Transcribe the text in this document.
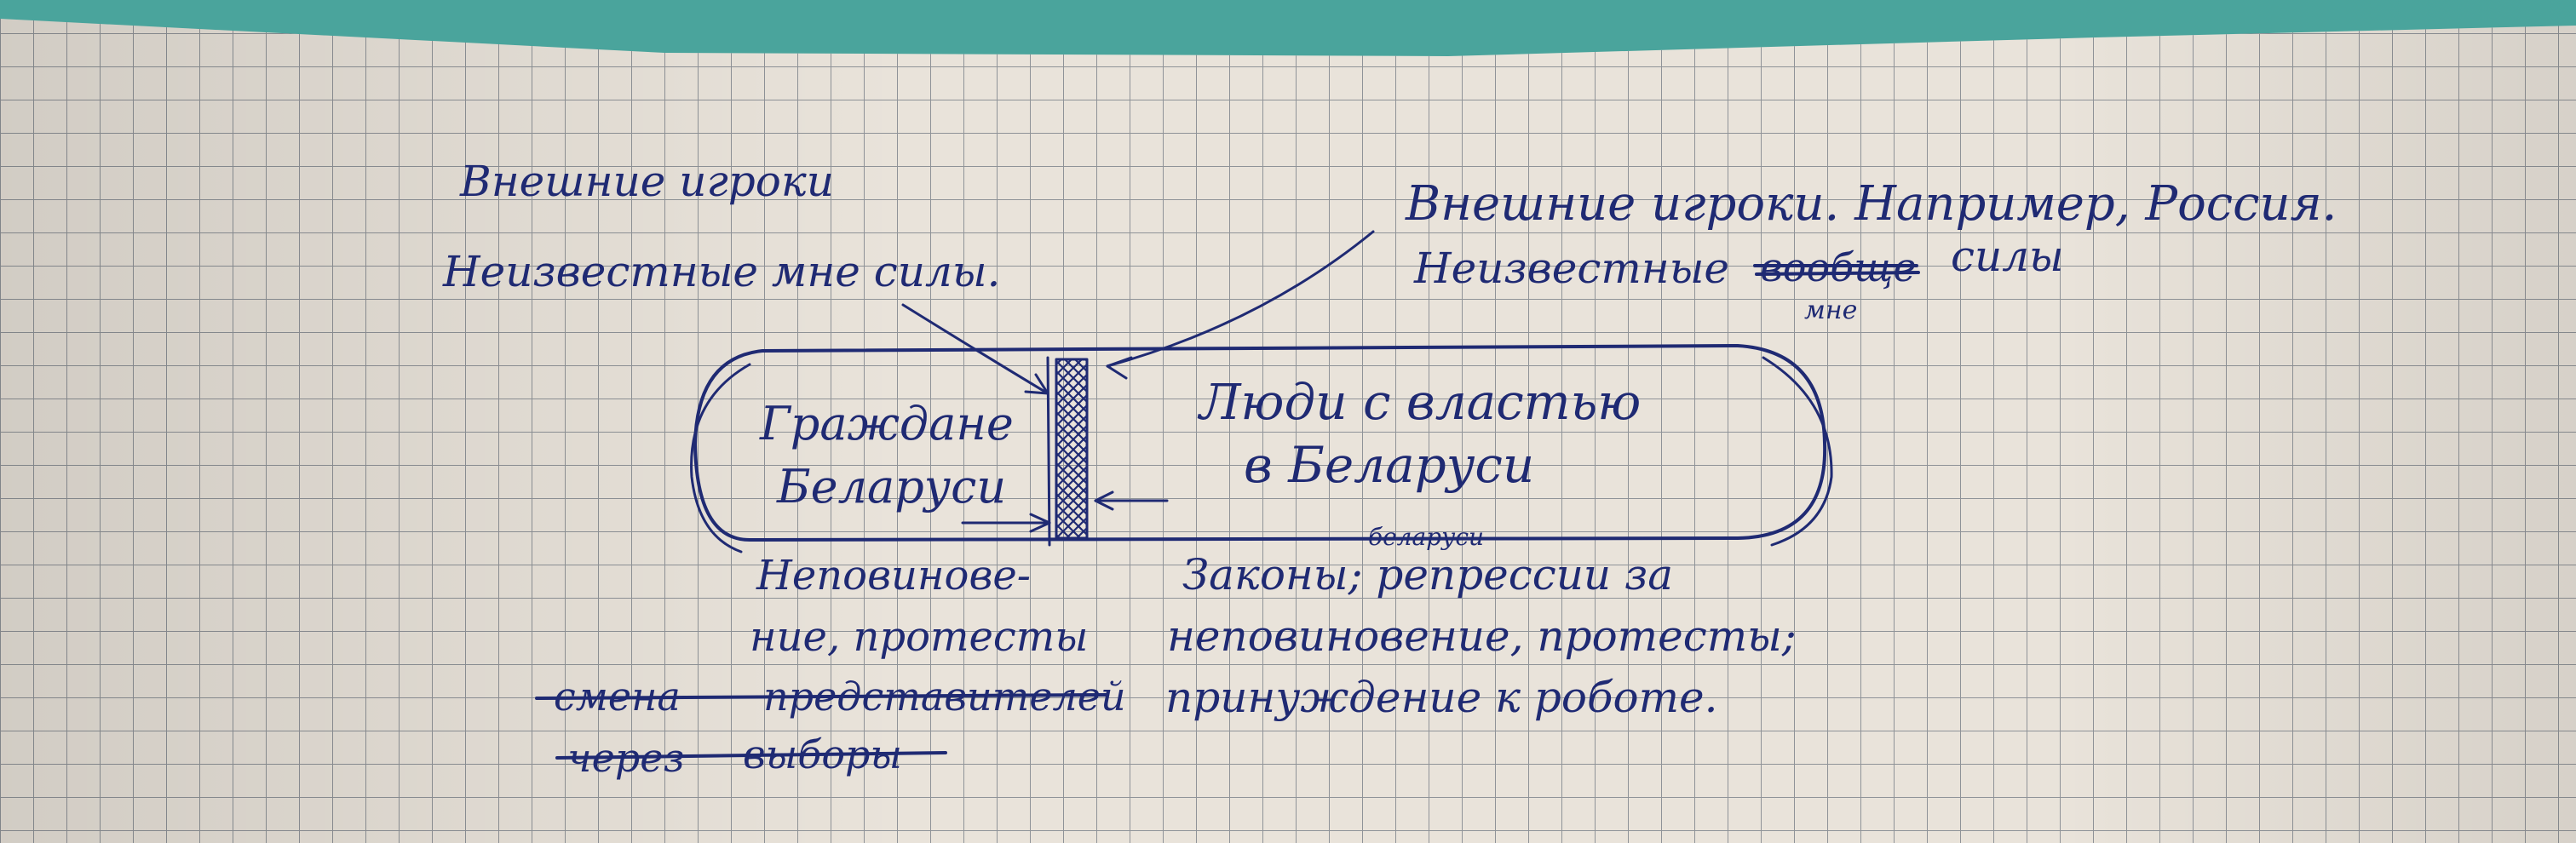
Внешние игроки
Неизвестные мне силы.
Внешние игроки. Например, Россия.
Неизвестные вообще
мне
силы
Граждане
Беларуси
Люди с властью
в Беларуси
Неповинове-
ние, протесты
смена представителей
через выборы
беларуси
Законы; репрессии за
неповиновение, протесты;
принуждение к роботе.
